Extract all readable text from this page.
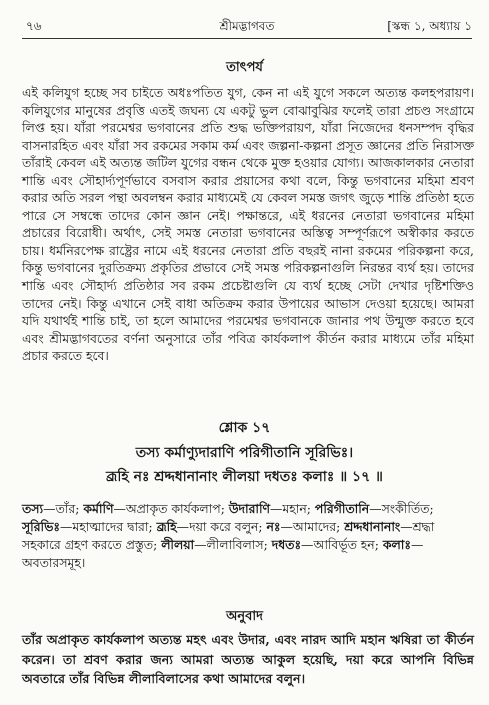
৭৬	শ্রীমদ্ভাগবত	[স্কন্ধ ১, অধ্যায় ১
তাৎপর্য

এই কলিযুগ হচ্ছে সব চাইতে অধঃপতিত যুগ, কেন না এই যুগে সকলে অত্যন্ত কলহপরায়ণ। কলিযুগের মানুষের প্রবৃত্তি এতই জঘন্য যে একটু ভুল বোঝাবুঝির ফলেই তারা প্রচণ্ড সংগ্রামে লিপ্ত হয়। যাঁরা পরমেশ্বর ভগবানের প্রতি শুদ্ধ ভক্তিপরায়ণ, যাঁরা নিজেদের ধনসম্পদ বৃদ্ধির বাসনারহিত এবং যাঁরা সব রকমের সকাম কর্ম এবং জল্পনা-কল্পনা প্রসূত জ্ঞানের প্রতি নিরাসক্ত তাঁরাই কেবল এই অত্যন্ত জটিল যুগের বন্ধন থেকে মুক্ত হওয়ার যোগ্য। আজকালকার নেতারা শান্তি এবং সৌহার্দ্যপূর্ণভাবে বসবাস করার প্রয়াসের কথা বলে, কিন্তু ভগবানের মহিমা শ্রবণ করার অতি সরল পন্থা অবলম্বন করার মাধ্যমেই যে কেবল সমস্ত জগৎ জুড়ে শান্তি প্রতিষ্ঠা হতে পারে সে সম্বন্ধে তাদের কোন জ্ঞান নেই। পক্ষান্তরে, এই ধরনের নেতারা ভগবানের মহিমা প্রচারের বিরোধী। অর্থাৎ, সেই সমস্ত নেতারা ভগবানের অস্তিত্ব সম্পূর্ণরূপে অস্বীকার করতে চায়। ধর্মনিরপেক্ষ রাষ্ট্রের নামে এই ধরনের নেতারা প্রতি বছরই নানা রকমের পরিকল্পনা করে, কিন্তু ভগবানের দুরতিক্রম্য প্রকৃতির প্রভাবে সেই সমস্ত পরিকল্পনাগুলি নিরন্তর ব্যর্থ হয়। তাদের শান্তি এবং সৌহার্দ্য প্রতিষ্ঠার সব রকম প্রচেষ্টাগুলি যে ব্যর্থ হচ্ছে সেটা দেখার দৃষ্টিশক্তিও তাদের নেই। কিন্তু এখানে সেই বাধা অতিক্রম করার উপায়ের আভাস দেওয়া হয়েছে। আমরা যদি যথার্থই শান্তি চাই, তা হলে আমাদের পরমেশ্বর ভগবানকে জানার পথ উন্মুক্ত করতে হবে এবং শ্রীমদ্ভাগবতের বর্ণনা অনুসারে তাঁর পবিত্র কার্যকলাপ কীর্তন করার মাধ্যমে তাঁর মহিমা প্রচার করতে হবে।

শ্লোক ১৭
তস্য কর্মাণ্যুদারাণি পরিগীতানি সূরিভিঃ।
ব্রূহি নঃ শ্রদ্দধানানাং লীলয়া দধতঃ কলাঃ ॥ ১৭ ॥

তস্য—তাঁর; কর্মাণি—অপ্রাকৃত কার্যকলাপ; উদারাণি—মহান; পরিগীতানি—সংকীর্তিত; সূরিভিঃ—মহাত্মাদের দ্বারা; ব্রূহি—দয়া করে বলুন; নঃ—আমাদের; শ্রদ্দধানানাং—শ্রদ্ধা সহকারে গ্রহণ করতে প্রস্তুত; লীলয়া—লীলাবিলাস; দধতঃ—আবির্ভূত হন; কলাঃ—অবতারসমূহ।

অনুবাদ

তাঁর অপ্রাকৃত কার্যকলাপ অত্যন্ত মহৎ এবং উদার, এবং নারদ আদি মহান ঋষিরা তা কীর্তন করেন। তা শ্রবণ করার জন্য আমরা অত্যন্ত আকুল হয়েছি, দয়া করে আপনি বিভিন্ন অবতারে তাঁর বিভিন্ন লীলাবিলাসের কথা আমাদের বলুন।
